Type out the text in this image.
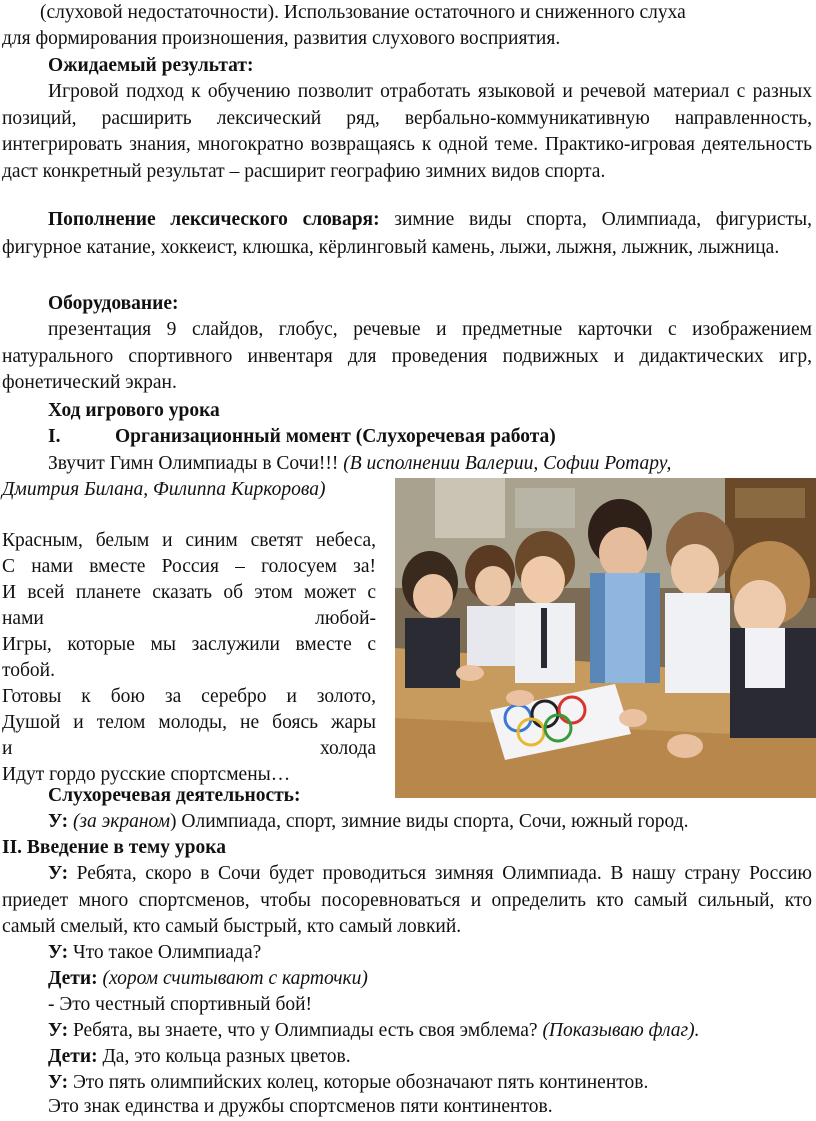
(слуховой недостаточности). Использование остаточного и сниженного слуха
для формирования произношения, развития слухового восприятия.
Ожидаемый результат:

Игровой подход к обучению позволит отработать языковой и речевой материал с разных позиций, расширить лексический ряд, вербально-коммуникативную направленность, интегрировать знания, многократно возвращаясь к одной теме. Практико-игровая деятельность даст конкретный результат – расширит географию зимних видов спорта.

Пополнение лексического словаря: зимние виды спорта, Олимпиада, фигуристы, фигурное катание, хоккеист, клюшка, кёрлинговый камень, лыжи, лыжня, лыжник, лыжница.

Оборудование:

презентация 9 слайдов, глобус, речевые и предметные карточки с изображением натурального спортивного инвентаря для проведения подвижных и дидактических игр, фонетический экран.

Ход игрового урока
I.	Организационный момент (Слухоречевая работа)
Звучит Гимн Олимпиады в Сочи!!! (В исполнении Валерии, Софии Ротару,
Дмитрия Билана, Филиппа Киркорова)
Красным, белым и синим светят небеса,
С нами вместе Россия – голосуем за!
И всей планете сказать об этом может с
нами	любой-
Игры, которые мы заслужили вместе с
тобой.
Готовы к бою за серебро и золото,
Душой и телом молоды, не боясь жары
и	холода
Идут гордо русские спортсмены…
Слухоречевая деятельность:
У: (за экраном) Олимпиада, спорт, зимние виды спорта, Сочи, южный город.
II. Введение в тему урока

У: Ребята, скоро в Сочи будет проводиться зимняя Олимпиада. В нашу страну Россию приедет много спортсменов, чтобы посоревноваться и определить кто самый сильный, кто самый смелый, кто самый быстрый, кто самый ловкий.

У: Что такое Олимпиада?
Дети: (хором считывают с карточки)
- Это честный спортивный бой!
У: Ребята, вы знаете, что у Олимпиады есть своя эмблема? (Показываю флаг).
Дети: Да, это кольца разных цветов.
У: Это пять олимпийских колец, которые обозначают пять континентов.
Это знак единства и дружбы спортсменов пяти континентов.
